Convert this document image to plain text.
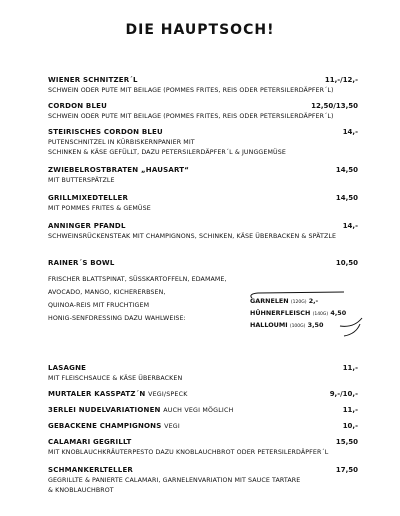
DIE HAUPTSOCH!
WIENER SCHNITZER´L	11,-/12,-
SCHWEIN ODER PUTE MIT BEILAGE (POMMES FRITES, REIS ODER PETERSILERDÄPFER´L)
CORDON BLEU	12,50/13,50
SCHWEIN ODER PUTE MIT BEILAGE (POMMES FRITES, REIS ODER PETERSILERDÄPFER´L)
STEIRISCHES CORDON BLEU	14,-
PUTENSCHNITZEL IN KÜRBISKERNPANIER MIT
SCHINKEN & KÄSE GEFÜLLT, DAZU PETERSILERDÄPFER´L & JUNGGEMÜSE
ZWIEBELROSTBRATEN „HAUSART“	14,50
MIT BUTTERSPÄTZLE
GRILLMIXEDTELLER	14,50
MIT POMMES FRITES & GEMÜSE
ANNINGER PFANDL	14,-
SCHWEINSRÜCKENSTEAK MIT CHAMPIGNONS, SCHINKEN, KÄSE ÜBERBACKEN & SPÄTZLE
RAINER´S BOWL	10,50
FRISCHER BLATTSPINAT, SÜSSKARTOFFELN, EDAMAME,
AVOCADO, MANGO, KICHERERBSEN,
QUINOA-REIS MIT FRUCHTIGEM
HONIG-SENFDRESSING DAZU WAHLWEISE:
GARNELEN (120G) 2,-
HÜHNERFLEISCH (140G) 4,50
HALLOUMI (100G) 3,50
LASAGNE	11,-
MIT FLEISCHSAUCE & KÄSE ÜBERBACKEN
MURTALER KASSPATZ´N VEGI/SPECK	9,-/10,-
3ERLEI NUDELVARIATIONEN AUCH VEGI MÖGLICH	11,-
GEBACKENE CHAMPIGNONS VEGI	10,-
CALAMARI GEGRILLT	15,50
MIT KNOBLAUCHKRÄUTERPESTO DAZU KNOBLAUCHBROT ODER PETERSILERDÄPFER´L
SCHMANKERLTELLER	17,50
GEGRILLTE & PANIERTE CALAMARI, GARNELENVARIATION MIT SAUCE TARTARE
& KNOBLAUCHBROT
